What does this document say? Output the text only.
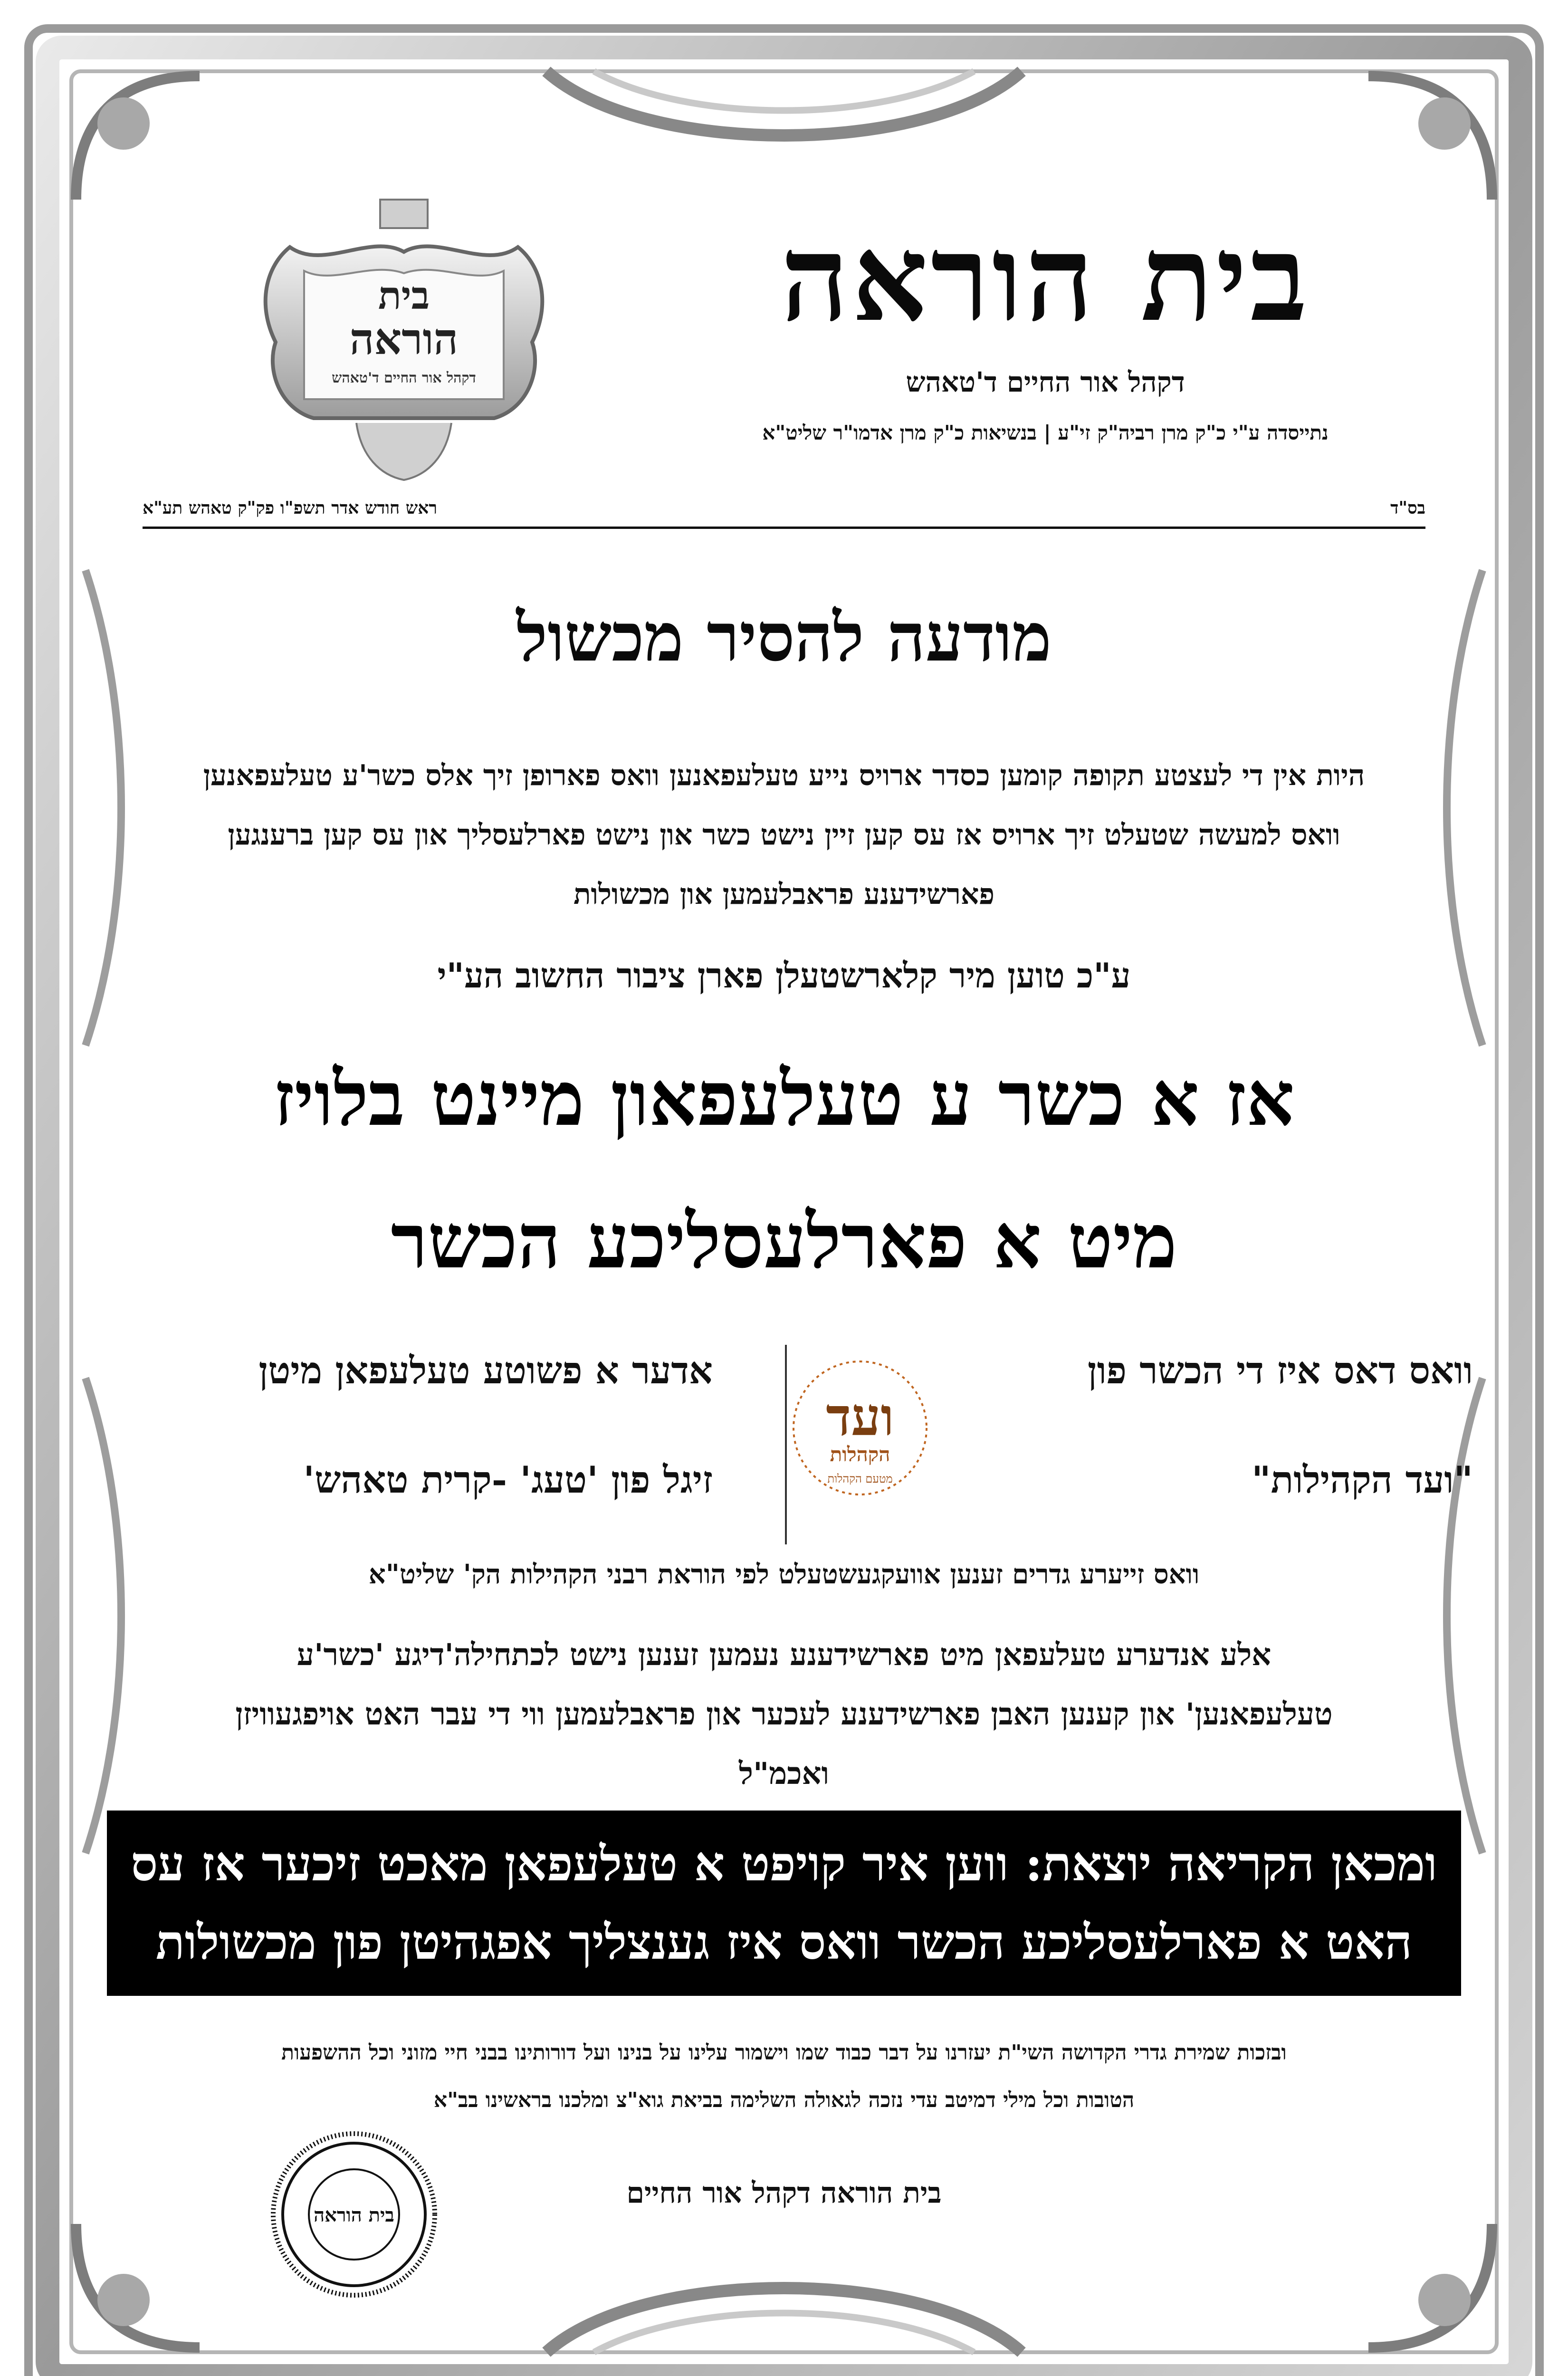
בית הוראה
דקהל אור החיים ד'טאהש
נתייסדה ע"י כ"ק מרן רביה"ק זי"ע | בנשיאות כ"ק מרן אדמו"ר שליט"א
בית
הוראה
דקהל אור החיים ד'טאהש
בס"ד
ראש חודש אדר תשפ"ו פק"ק טאהש תע"א
מודעה להסיר מכשול
היות אין די לעצטע תקופה קומען כסדר ארויס נייע טעלעפאנען וואס פארופן זיך אלס כשר'ע טעלעפאנען
וואס למעשה שטעלט זיך ארויס אז עס קען זיין נישט כשר און נישט פארלעסליך און עס קען ברענגען
פארשידענע פראבלעמען און מכשולות
ע"כ טוען מיר קלארשטעלן פארן ציבור החשוב הע"י
אז א כשר ע טעלעפאון מיינט בלויז
מיט א פארלעסליכע הכשר
וואס דאס איז די הכשר פון
"ועד הקהילות"
ועד
הקהלות
מטעם הקהלות
אדער א פשוטע טעלעפאן מיטן
זיגל פון 'טעג' -קרית טאהש'
וואס זייערע גדרים זענען אוועקגעשטעלט לפי הוראת רבני הקהילות הק' שליט"א
אלע אנדערע טעלעפאן מיט פארשידענע נעמען זענען נישט לכתחילה'דיגע 'כשר'ע
טעלעפאנען' און קענען האבן פארשידענע לעכער און פראבלעמען ווי די עבר האט אויפגעוויזן
ואכמ"ל
ומכאן הקריאה יוצאת: ווען איר קויפט א טעלעפאן מאכט זיכער אז עס
האט א פארלעסליכע הכשר וואס איז גענצליך אפגהיטן פון מכשולות
ובזכות שמירת גדרי הקדושה השי"ת יעזרנו על דבר כבוד שמו וישמור עלינו על בנינו ועל דורותינו בבני חיי מזוני וכל ההשפעות
הטובות וכל מילי דמיטב עדי נזכה לגאולה השלימה בביאת גוא"צ ומלכנו בראשינו בב"א
בית הוראה
בית הוראה דקהל אור החיים
